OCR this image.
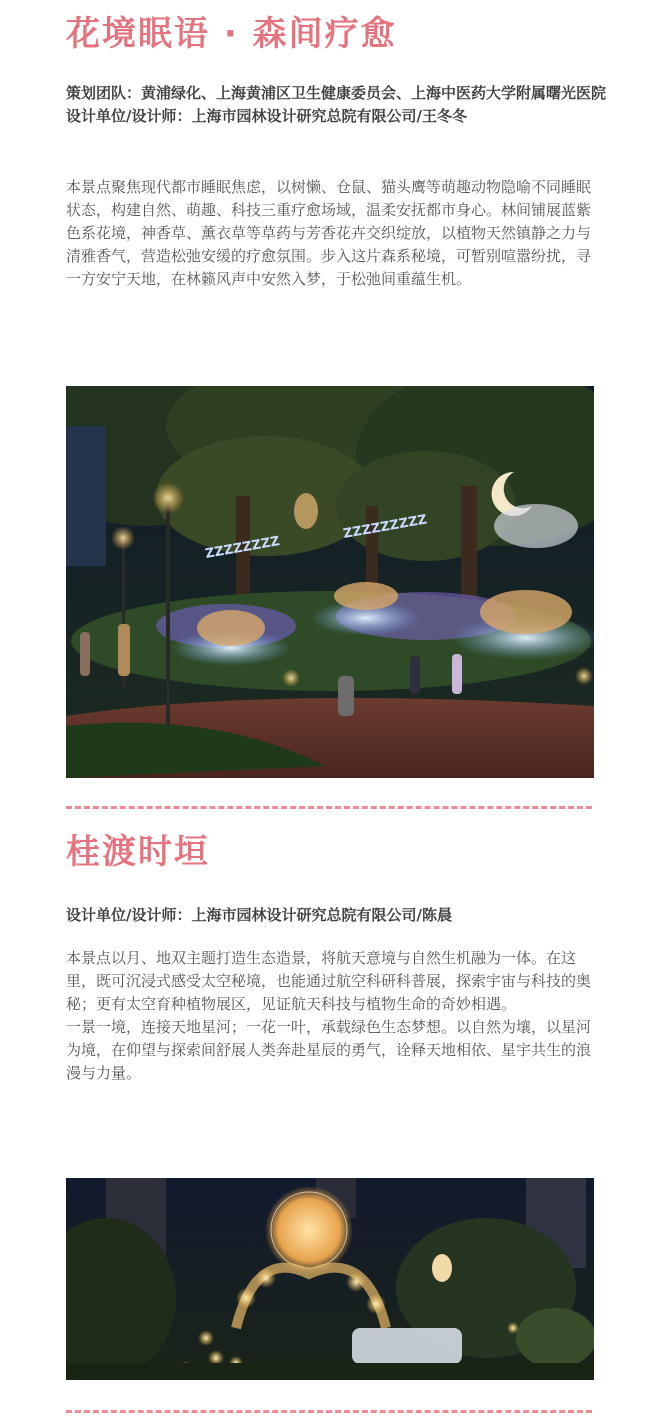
花境眠语 · 森间疗愈

策划团队：黄浦绿化、上海黄浦区卫生健康委员会、上海中医药大学附属曙光医院

设计单位/设计师：上海市园林设计研究总院有限公司/王冬冬

本景点聚焦现代都市睡眠焦虑，以树懒、仓鼠、猫头鹰等萌趣动物隐喻不同睡眠状态，构建自然、萌趣、科技三重疗愈场域，温柔安抚都市身心。林间铺展蓝紫色系花境，神香草、薰衣草等草药与芳香花卉交织绽放，以植物天然镇静之力与清雅香气，营造松弛安缓的疗愈氛围。步入这片森系秘境，可暂别喧嚣纷扰，寻一方安宁天地，在林籁风声中安然入梦，于松弛间重蕴生机。

ZZZZZZZZ
ZZZZZZZZZ
桂渡时垣

设计单位/设计师：上海市园林设计研究总院有限公司/陈晨

本景点以月、地双主题打造生态造景，将航天意境与自然生机融为一体。在这里，既可沉浸式感受太空秘境，也能通过航空科研科普展，探索宇宙与科技的奥秘；更有太空育种植物展区，见证航天科技与植物生命的奇妙相遇。

一景一境，连接天地星河；一花一叶，承载绿色生态梦想。以自然为壤，以星河为境，在仰望与探索间舒展人类奔赴星辰的勇气，诠释天地相依、星宇共生的浪漫与力量。
